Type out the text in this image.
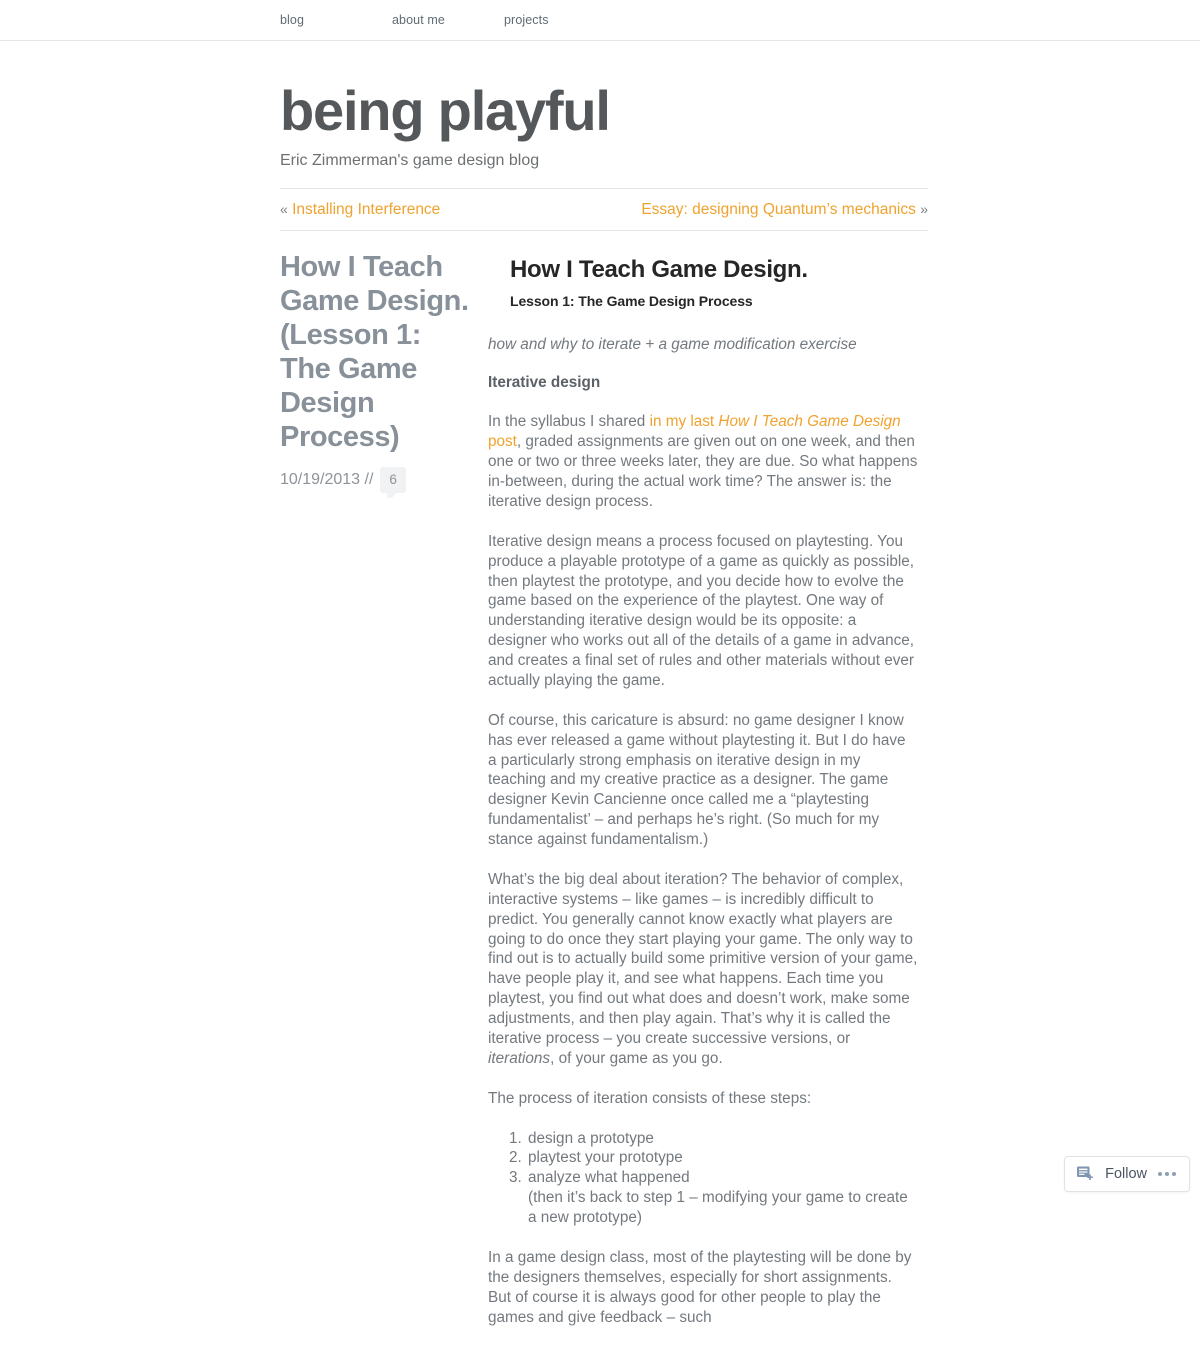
blog	about me	projects
being playful

Eric Zimmerman's game design blog

« Installing Interference	Essay: designing Quantum’s mechanics »
How I Teach Game Design. (Lesson 1: The Game Design Process)
10/19/2013 //	6
How I Teach Game Design.
Lesson 1: The Game Design Process

how and why to iterate + a game modification exercise

Iterative design

In the syllabus I shared in my last How I Teach Game Design post, graded assignments are given out on one week, and then one or two or three weeks later, they are due. So what happens in-between, during the actual work time? The answer is: the iterative design process.

Iterative design means a process focused on playtesting. You produce a playable prototype of a game as quickly as possible, then playtest the prototype, and you decide how to evolve the game based on the experience of the playtest. One way of understanding iterative design would be its opposite: a designer who works out all of the details of a game in advance, and creates a final set of rules and other materials without ever actually playing the game.

Of course, this caricature is absurd: no game designer I know has ever released a game without playtesting it. But I do have a particularly strong emphasis on iterative design in my teaching and my creative practice as a designer. The game designer Kevin Cancienne once called me a “playtesting fundamentalist’ – and perhaps he’s right. (So much for my stance against fundamentalism.)

What’s the big deal about iteration? The behavior of complex, interactive systems – like games – is incredibly difficult to predict. You generally cannot know exactly what players are going to do once they start playing your game. The only way to find out is to actually build some primitive version of your game, have people play it, and see what happens. Each time you playtest, you find out what does and doesn’t work, make some adjustments, and then play again. That’s why it is called the iterative process – you create successive versions, or iterations, of your game as you go.

The process of iteration consists of these steps:

1. design a prototype
2. playtest your prototype
3. analyze what happened
(then it’s back to step 1 – modifying your game to create a new prototype)

In a game design class, most of the playtesting will be done by the designers themselves, especially for short assignments. But of course it is always good for other people to play the games and give feedback – such

Follow
